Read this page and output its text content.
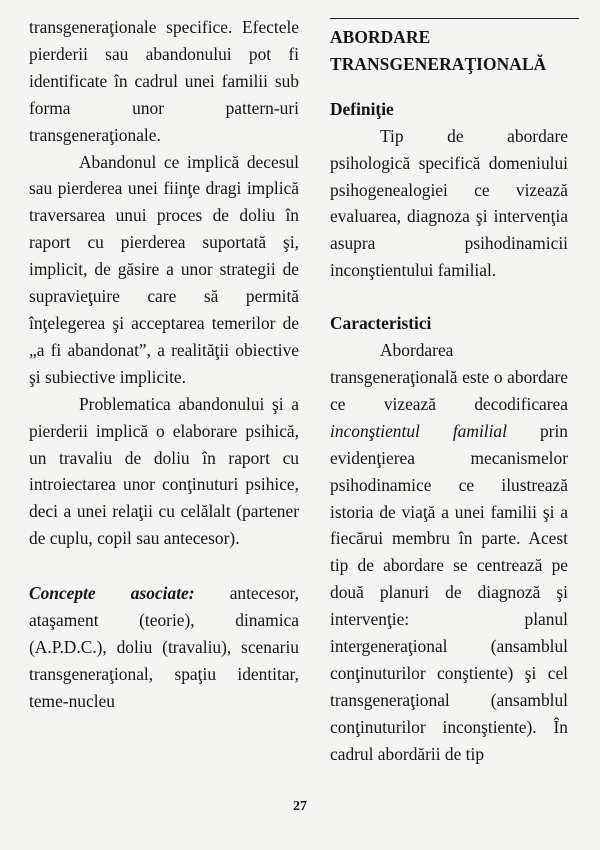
transgeneraţionale specifice. Efectele pierderii sau abandonului pot fi identificate în cadrul unei familii sub forma unor pattern-uri transgeneraţionale.

Abandonul ce implică decesul sau pierderea unei fiinţe dragi implică traversarea unui proces de doliu în raport cu pierderea suportată şi, implicit, de găsire a unor strategii de supravieţuire care să permită înţelegerea şi acceptarea temerilor de „a fi abandonat”, a realităţii obiective şi subiective implicite.

Problematica abandonului şi a pierderii implică o elaborare psihică, un travaliu de doliu în raport cu introiectarea unor conţinuturi psihice, deci a unei relaţii cu celălalt (partener de cuplu, copil sau antecesor).

Concepte asociate: antecesor, ataşament (teorie), dinamica (A.P.D.C.), doliu (travaliu), scenariu transgeneraţional, spaţiu identitar, teme-nucleu

ABORDARE
TRANSGENERAŢIONALĂ

Definiţie

Tip de abordare psihologică specifică domeniului psihogenealogiei ce vizează evaluarea, diagnoza şi intervenţia asupra psihodinamicii inconştientului familial.

Caracteristici

Abordarea transgeneraţională este o abordare ce vizează decodificarea inconştientul familial prin evidenţierea mecanismelor psihodinamice ce ilustrează istoria de viaţă a unei familii şi a fiecărui membru în parte. Acest tip de abordare se centrează pe două planuri de diagnoză şi intervenţie: planul intergeneraţional (ansamblul conţinuturilor conştiente) şi cel transgeneraţional (ansamblul conţinuturilor inconştiente). În cadrul abordării de tip

27
